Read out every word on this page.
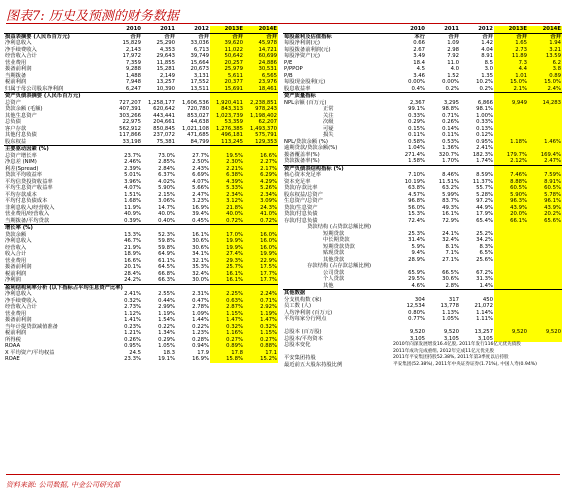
图表7: 历史及预测的财务数据
	2010	2011	2012	2013E	2014E
损益表摘要 (人民币百万元)	合并	合并	合并	合并	合并
净利息收入	15,829	25,290	33,036	39,620	45,978
净手续费收入	2,143	4,353	6,713	11,022	14,721
经营收入合计	17,972	29,643	39,749	50,642	60,699
营业费用	7,359	11,855	15,664	20,257	24,886
拨备前利润	9,288	15,281	20,673	25,979	30,531
当期拨备	1,488	2,149	3,131	5,611	6,565
税前利润	7,948	13,257	17,552	20,377	23,976
归属于母公司股东净利润	6,247	10,390	13,511	15,691	18,461
资产负债表摘要 (人民币百万元)					
总资产	727,207	1,258,177	1,606,536	1,920,411	2,238,851
贷款余额 (毛额)	407,391	620,642	720,780	843,313	978,243
其他生息资产	303,266	443,441	853,027	1,023,739	1,198,402
总负债	22,975	204,661	44,638	53,359	62,207
客户存款	562,912	850,845	1,021,108	1,276,385	1,493,370
其他付息负债	117,866	237,072	471,685	496,181	575,791
股东权益	33,198	75,381	84,799	113,245	129,353
主要驱动因素 (%)					
总资产增长率	23.7%	73.0%	27.7%	19.5%	16.6%
净息差 (NIM)	2.46%	2.85%	2.50%	2.30%	2.27%
利差(Spread)	2.39%	2.84%	2.43%	2.21%	2.17%
贷款平均收益率	5.01%	6.37%	6.69%	6.38%	6.29%
平均信贷投资收益率	3.96%	4.02%	4.07%	4.39%	4.29%
平均生息资产收益率	4.07%	5.90%	5.66%	5.33%	5.26%
平均存款成本	1.51%	2.15%	2.47%	2.34%	2.34%
平均付息负债成本	1.68%	3.06%	3.23%	3.12%	3.09%
非利息收入/经营收入	11.9%	14.7%	16.9%	21.8%	24.3%
营业费用/经营收入	40.9%	40.0%	39.4%	40.0%	41.0%
当期拨备/平均贷款	0.39%	0.40%	0.45%	0.72%	0.72%
增长率 (%)					
贷款余额	13.3%	52.3%	16.1%	17.0%	16.0%
净利息收入	46.7%	59.8%	30.6%	19.9%	16.0%
经营收入	21.9%	59.8%	30.6%	19.9%	16.0%
收入合计	18.9%	64.9%	34.1%	27.4%	19.9%
营业费用	16.6%	61.1%	32.1%	29.3%	22.9%
拨备前利润	20.1%	64.5%	35.3%	25.7%	17.5%
税前利润	28.4%	66.8%	32.4%	16.1%	17.7%
净利润	24.2%	66.3%	30.0%	16.1%	17.7%
盈利结构利率分析 (以下指标占平均生息资产比率)					
净利息收入	2.41%	2.55%	2.31%	2.25%	2.24%
净手续费收入	0.32%	0.44%	0.47%	0.63%	0.71%
经营收入合计	2.73%	2.99%	2.78%	2.87%	2.92%
营业费用	1.12%	1.19%	1.09%	1.15%	1.19%
拨备前利润	1.41%	1.54%	1.44%	1.47%	1.47%
当年计提贷款减值准备	0.23%	0.22%	0.22%	0.32%	0.32%
税前利润	1.21%	1.34%	1.23%	1.16%	1.15%
所得税	0.26%	0.29%	0.28%	0.27%	0.27%
ROAA	0.95%	1.05%	0.94%	0.89%	0.88%
X 平均资产/平均权益	24.5	18.3	17.9	17.8	17.1
ROAE	23.3%	19.1%	16.9%	15.8%	15.2%
	2010	2011	2012	2013E	2014E
每股盈利及估值指标	本行	合并	合并	合并	合并
每股净利润(元)	0.66	1.09	1.42	1.65	1.94
每股拨备前利润(元)	2.67	2.98	4.04	2.73	3.21
每股净资产(元)	3.49	7.92	8.91	11.89	13.59
P/E	18.4	11.0	8.5	7.3	6.2
P/PPOP	4.5	4.0	3.0	4.4	3.8
P/B	3.46	1.52	1.35	1.01	0.89
每股现金股利(元)	0.00%	0.00%	10.2%	15.0%	15.0%
股息收益率	0.4%	0.2%	0.2%	2.1%	2.4%
资产质量指标					
NPL余额 (百万元)	2,367	3,295	6,866	9,949	14,283
正常	99.1%	98.8%	98.1%		
关注	0.33%	0.71%	1.00%		
次级	0.29%	0.26%	0.33%		
可疑	0.15%	0.14%	0.13%		
损失	0.11%	0.11%	0.12%		
NPL/贷款余额 (%)	0.58%	0.53%	0.95%	1.18%	1.46%
逾期贷款/贷款余额(%)	1.04%	1.36%	2.41%		
拨备覆盖率(%)	271.4%	320.7%	182.3%	179.7%	169.4%
贷款拨备率(%)	1.58%	1.70%	1.74%	2.12%	2.47%
资产负债表结构指标 (%)					
核心资本充足率	7.10%	8.46%	8.59%	7.46%	7.59%
资本充足率	10.19%	11.51%	11.37%	8.88%	8.91%
贷款/存款比率	63.8%	63.2%	55.7%	60.5%	60.5%
股东权益/总资产	4.57%	5.99%	5.28%	5.90%	5.78%
生息资产/总资产	96.8%	83.7%	97.2%	96.3%	96.1%
贷款/生息资产	56.0%	49.3%	44.9%	43.9%	43.9%
贷款/付息负债	15.3%	16.1%	17.9%	20.0%	20.2%
存款/付息负债	72.4%	72.9%	65.4%	66.1%	65.6%
贷款结构 (占贷款总额比例)					
短期贷款	25.3%	24.1%	25.2%		
中长期贷款	31.4%	32.4%	34.2%		
短期贷款贷款	5.9%	8.1%	8.3%		
贴现贷款	9.4%	7.1%	6.5%		
其他贷款	28.9%	27.1%	25.6%		
存款结构 (占存款总额比例)					
公司贷款	65.9%	66.5%	67.2%		
个人贷款	29.5%	30.6%	31.3%		
其他	4.6%	2.8%	1.4%		
其他数据					
分支机构数 (家)	304	317	450		
员工数 (人)	12,534	13,778	21,072		
人均净利润 (百万元)	0.80%	1.13%	1.14%		
平均每家分行网点	0.77%	1.05%	1.11%		

总股本 (百万股)	9,520	9,520	13,257	9,520	9,520
总股本/平均资本	3,105	3,105	3,105		
总股本变化	2010年向深发展增发16.4亿股, 2011年发行116亿元优先债股				
	2011年成功完成重组, 2012年完成11亿元优先股				
平安集团持股	2011年平安集团持股52.38%, 2011年第3季度以后持股				
最近前五大股东持股比例	平安集团(52.38%), 2011年中央证券证券(1.71%), 中国人寿(0.94%)				
资料来源: 公司数据, 中金公司研究部
